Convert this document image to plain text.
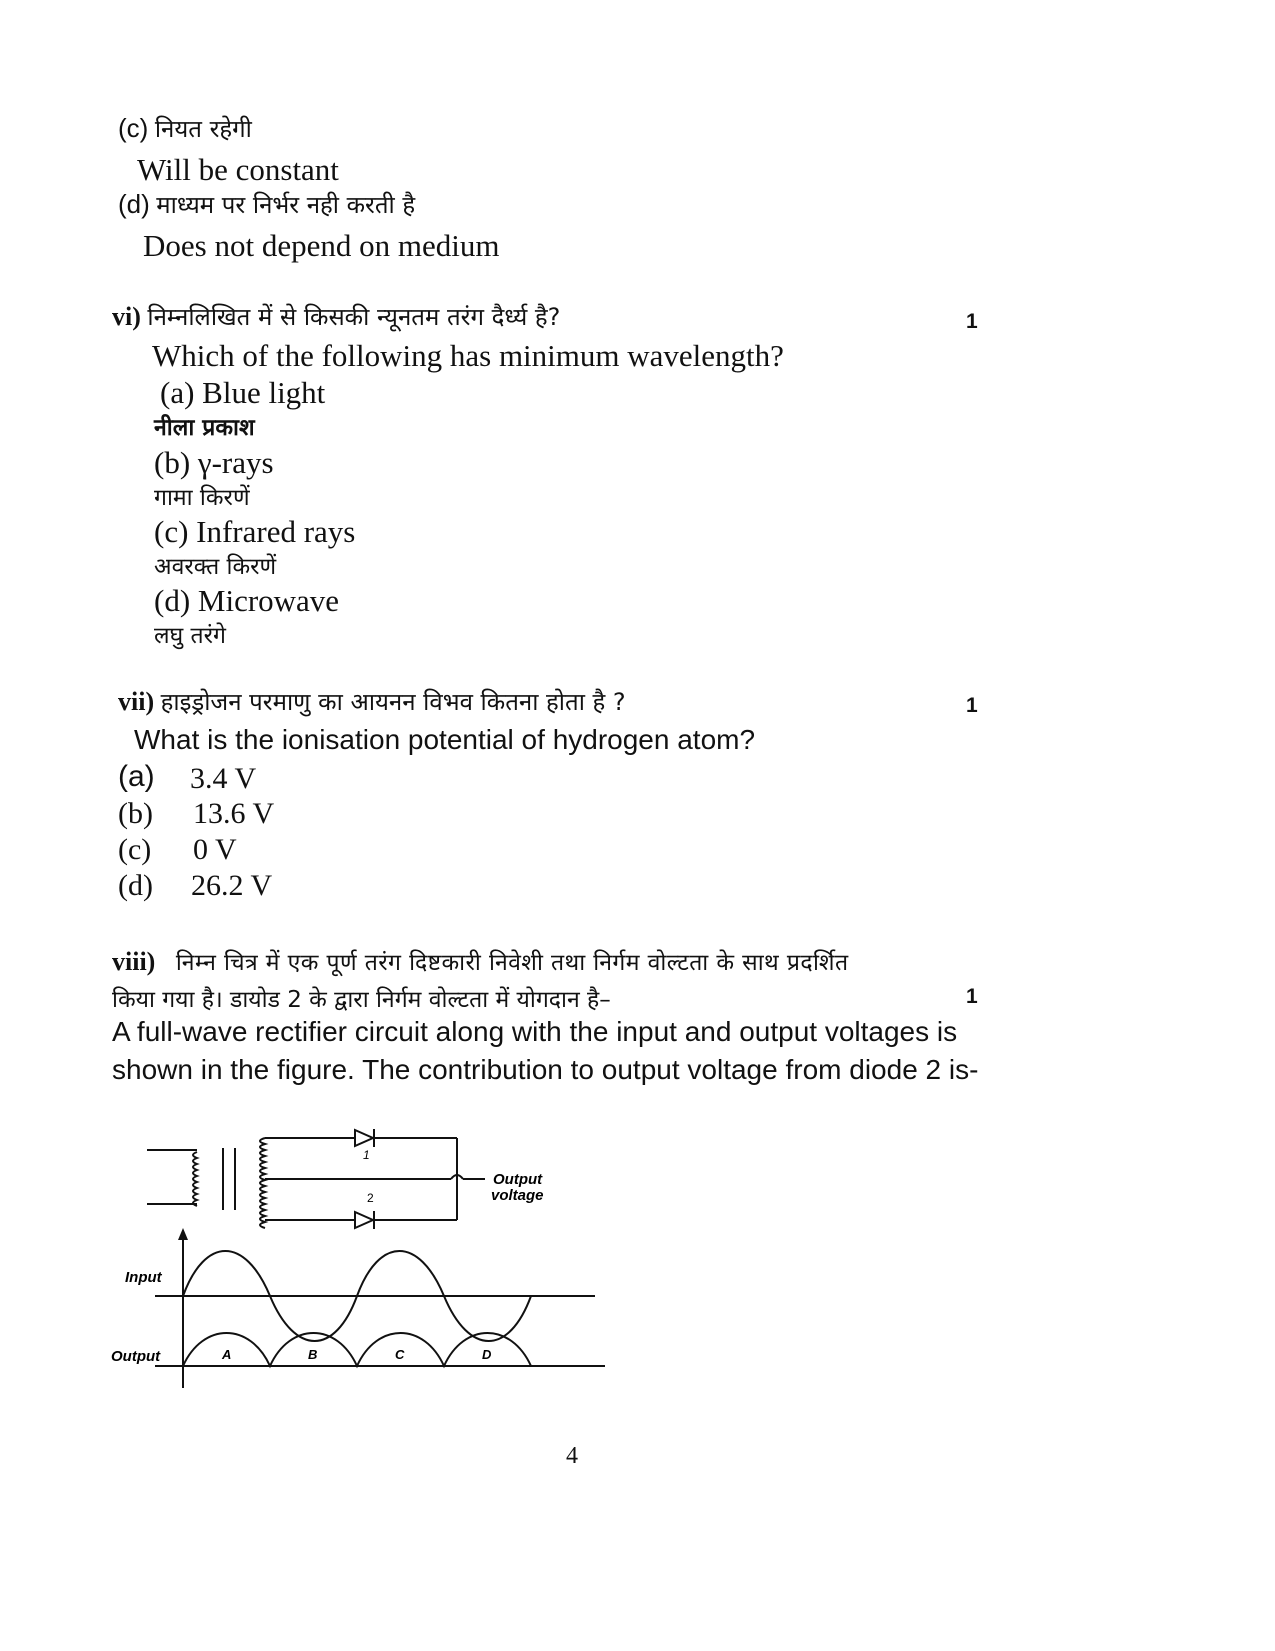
(c) नियत रहेगी
Will be constant
(d) माध्यम पर निर्भर नही करती है
Does not depend on medium
vi) निम्नलिखित में से किसकी न्यूनतम तरंग दैर्ध्य है?	1
Which of the following has minimum wavelength?
(a) Blue light
नीला प्रकाश
(b) γ-rays
गामा किरणें
(c) Infrared rays
अवरक्त किरणें
(d) Microwave
लघु तरंगे
vii) हाइड्रोजन परमाणु का आयनन विभव कितना होता है ?	1
What is the ionisation potential of hydrogen atom?
(a) 3.4 V
(b) 13.6 V
(c) 0 V
(d) 26.2 V
viii) निम्न चित्र में एक पूर्ण तरंग दिष्टकारी निवेशी तथा निर्गम वोल्टता के साथ प्रदर्शित
किया गया है। डायोड 2 के द्वारा निर्गम वोल्टता में योगदान है–	1
A full-wave rectifier circuit along with the input and output voltages is
shown in the figure. The contribution to output voltage from diode 2 is-
1
2
Output
voltage
Input
Output	A	B	C	D
4
